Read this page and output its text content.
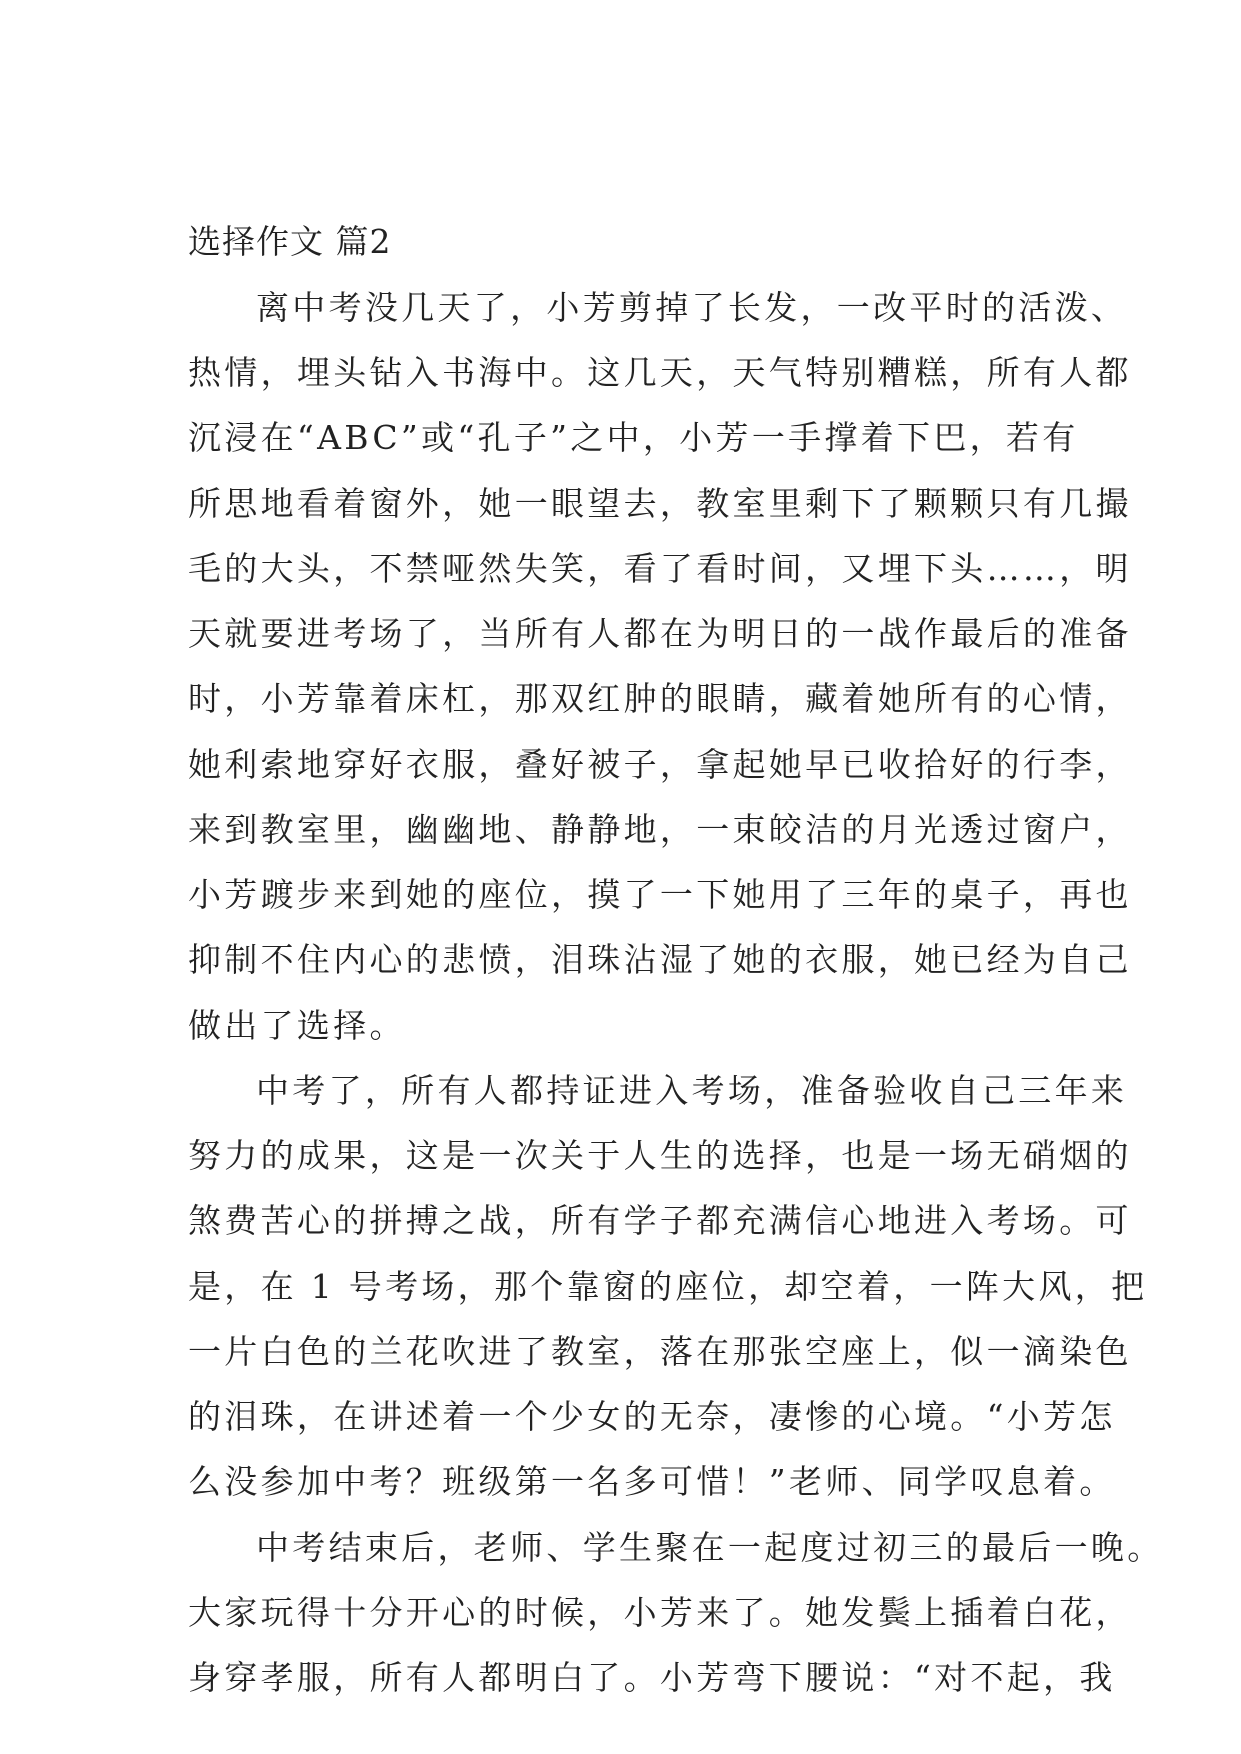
选择作文 篇2
离中考没几天了，小芳剪掉了长发，一改平时的活泼、
热情，埋头钻入书海中。这几天，天气特别糟糕，所有人都
沉浸在“ABC”或“孔子”之中，小芳一手撑着下巴，若有
所思地看着窗外，她一眼望去，教室里剩下了颗颗只有几撮
毛的大头，不禁哑然失笑，看了看时间，又埋下头……，明
天就要进考场了，当所有人都在为明日的一战作最后的准备
时，小芳靠着床杠，那双红肿的眼睛，藏着她所有的心情，
她利索地穿好衣服，叠好被子，拿起她早已收拾好的行李，
来到教室里，幽幽地、静静地，一束皎洁的月光透过窗户，
小芳踱步来到她的座位，摸了一下她用了三年的桌子，再也
抑制不住内心的悲愤，泪珠沾湿了她的衣服，她已经为自己
做出了选择。
中考了，所有人都持证进入考场，准备验收自己三年来
努力的成果，这是一次关于人生的选择，也是一场无硝烟的
煞费苦心的拼搏之战，所有学子都充满信心地进入考场。可
是，在 1 号考场，那个靠窗的座位，却空着，一阵大风，把
一片白色的兰花吹进了教室，落在那张空座上，似一滴染色
的泪珠，在讲述着一个少女的无奈，凄惨的心境。“小芳怎
么没参加中考？班级第一名多可惜！”老师、同学叹息着。
中考结束后，老师、学生聚在一起度过初三的最后一晚。
大家玩得十分开心的时候，小芳来了。她发鬓上插着白花，
身穿孝服，所有人都明白了。小芳弯下腰说：“对不起，我
